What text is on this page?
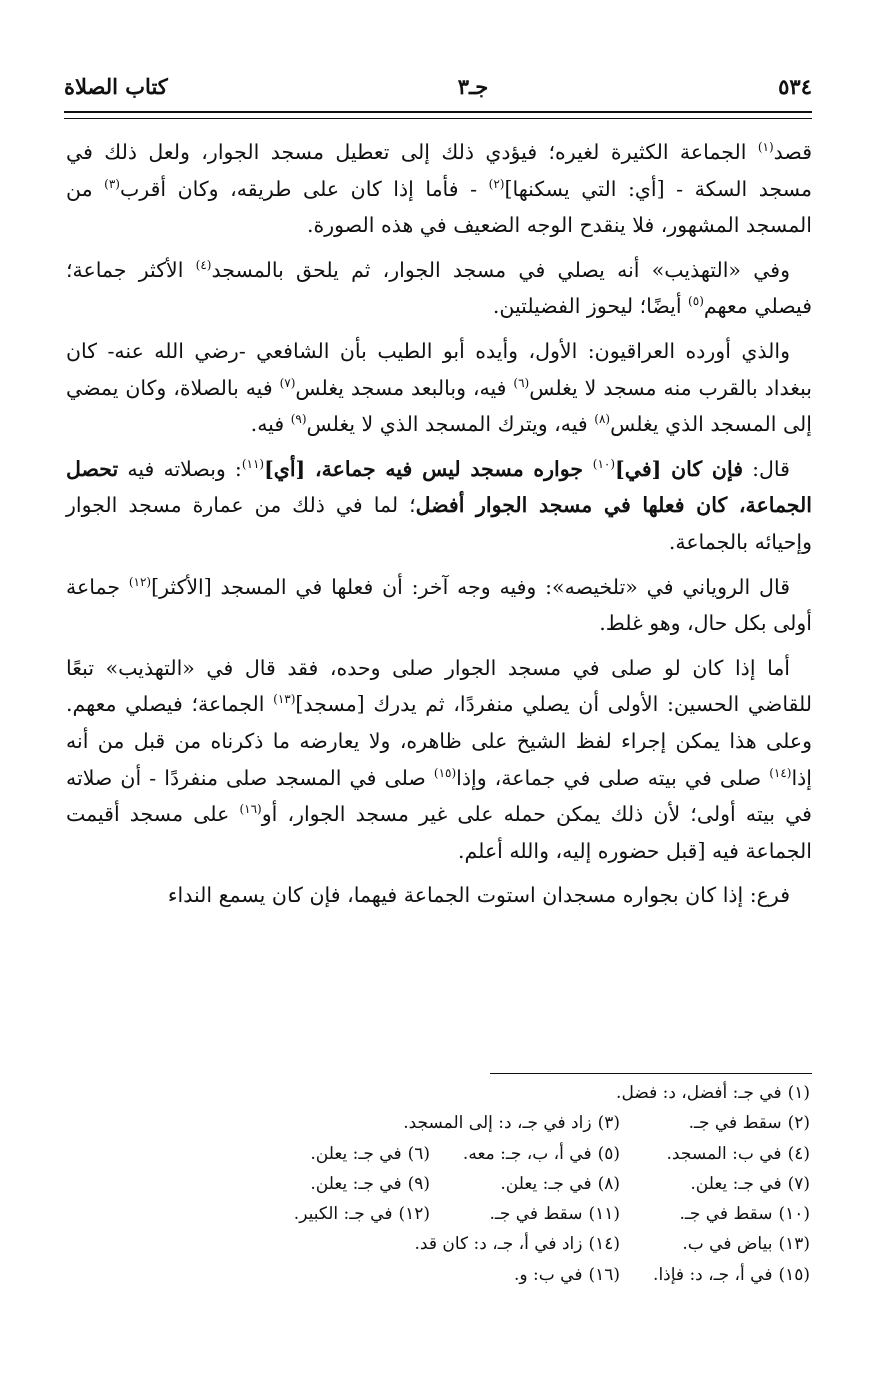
كتاب الصلاة	جـ٣	٥٣٤

قصد$^{(١)}$ الجماعة الكثيرة لغيره؛ فيؤدي ذلك إلى تعطيل مسجد الجوار، ولعل ذلك في مسجد السكة - [أي: التي يسكنها]$^{(٢)}$ - فأما إذا كان على طريقه، وكان أقرب$^{(٣)}$ من المسجد المشهور، فلا ينقدح الوجه الضعيف في هذه الصورة.

وفي «التهذيب» أنه يصلي في مسجد الجوار، ثم يلحق بالمسجد$^{(٤)}$ الأكثر جماعة؛ فيصلي معهم$^{(٥)}$ أيضًا؛ ليحوز الفضيلتين.

والذي أورده العراقيون: الأول، وأيده أبو الطيب بأن الشافعي -رضي الله عنه- كان ببغداد بالقرب منه مسجد لا يغلس$^{(٦)}$ فيه، وبالبعد مسجد يغلس$^{(٧)}$ فيه بالصلاة، وكان يمضي إلى المسجد الذي يغلس$^{(٨)}$ فيه، ويترك المسجد الذي لا يغلس$^{(٩)}$ فيه.

قال: فإن كان [في]$^{(١٠)}$ جواره مسجد ليس فيه جماعة، [أي]$^{(١١)}$: وبصلاته فيه تحصل الجماعة، كان فعلها في مسجد الجوار أفضل؛ لما في ذلك من عمارة مسجد الجوار وإحيائه بالجماعة.

قال الروياني في «تلخيصه»: وفيه وجه آخر: أن فعلها في المسجد [الأكثر]$^{(١٢)}$ جماعة أولى بكل حال، وهو غلط.

أما إذا كان لو صلى في مسجد الجوار صلى وحده، فقد قال في «التهذيب» تبعًا للقاضي الحسين: الأولى أن يصلي منفردًا، ثم يدرك [مسجد]$^{(١٣)}$ الجماعة؛ فيصلي معهم. وعلى هذا يمكن إجراء لفظ الشيخ على ظاهره، ولا يعارضه ما ذكرناه من قبل من أنه إذا$^{(١٤)}$ صلى في بيته صلى في جماعة، وإذا$^{(١٥)}$ صلى في المسجد صلى منفردًا - أن صلاته في بيته أولى؛ لأن ذلك يمكن حمله على غير مسجد الجوار، أو$^{(١٦)}$ على مسجد أقيمت الجماعة فيه [قبل حضوره إليه، والله أعلم.

فرع: إذا كان بجواره مسجدان استوت الجماعة فيهما، فإن كان يسمع النداء

(١)في جـ: أفضل، د: فضل.
(٢)سقط في جـ.
(٣)زاد في جـ، د: إلى المسجد.
(٤)في ب: المسجد.
(٥)في أ، ب، جـ: معه.
(٦)في جـ: يعلن.
(٧)في جـ: يعلن.
(٨)في جـ: يعلن.
(٩)في جـ: يعلن.
(١٠)سقط في جـ.
(١١)سقط في جـ.
(١٢)في جـ: الكبير.
(١٣)بياض في ب.
(١٤)زاد في أ، جـ، د: كان قد.
(١٥)في أ، جـ، د: فإذا.
(١٦)في ب: و.
